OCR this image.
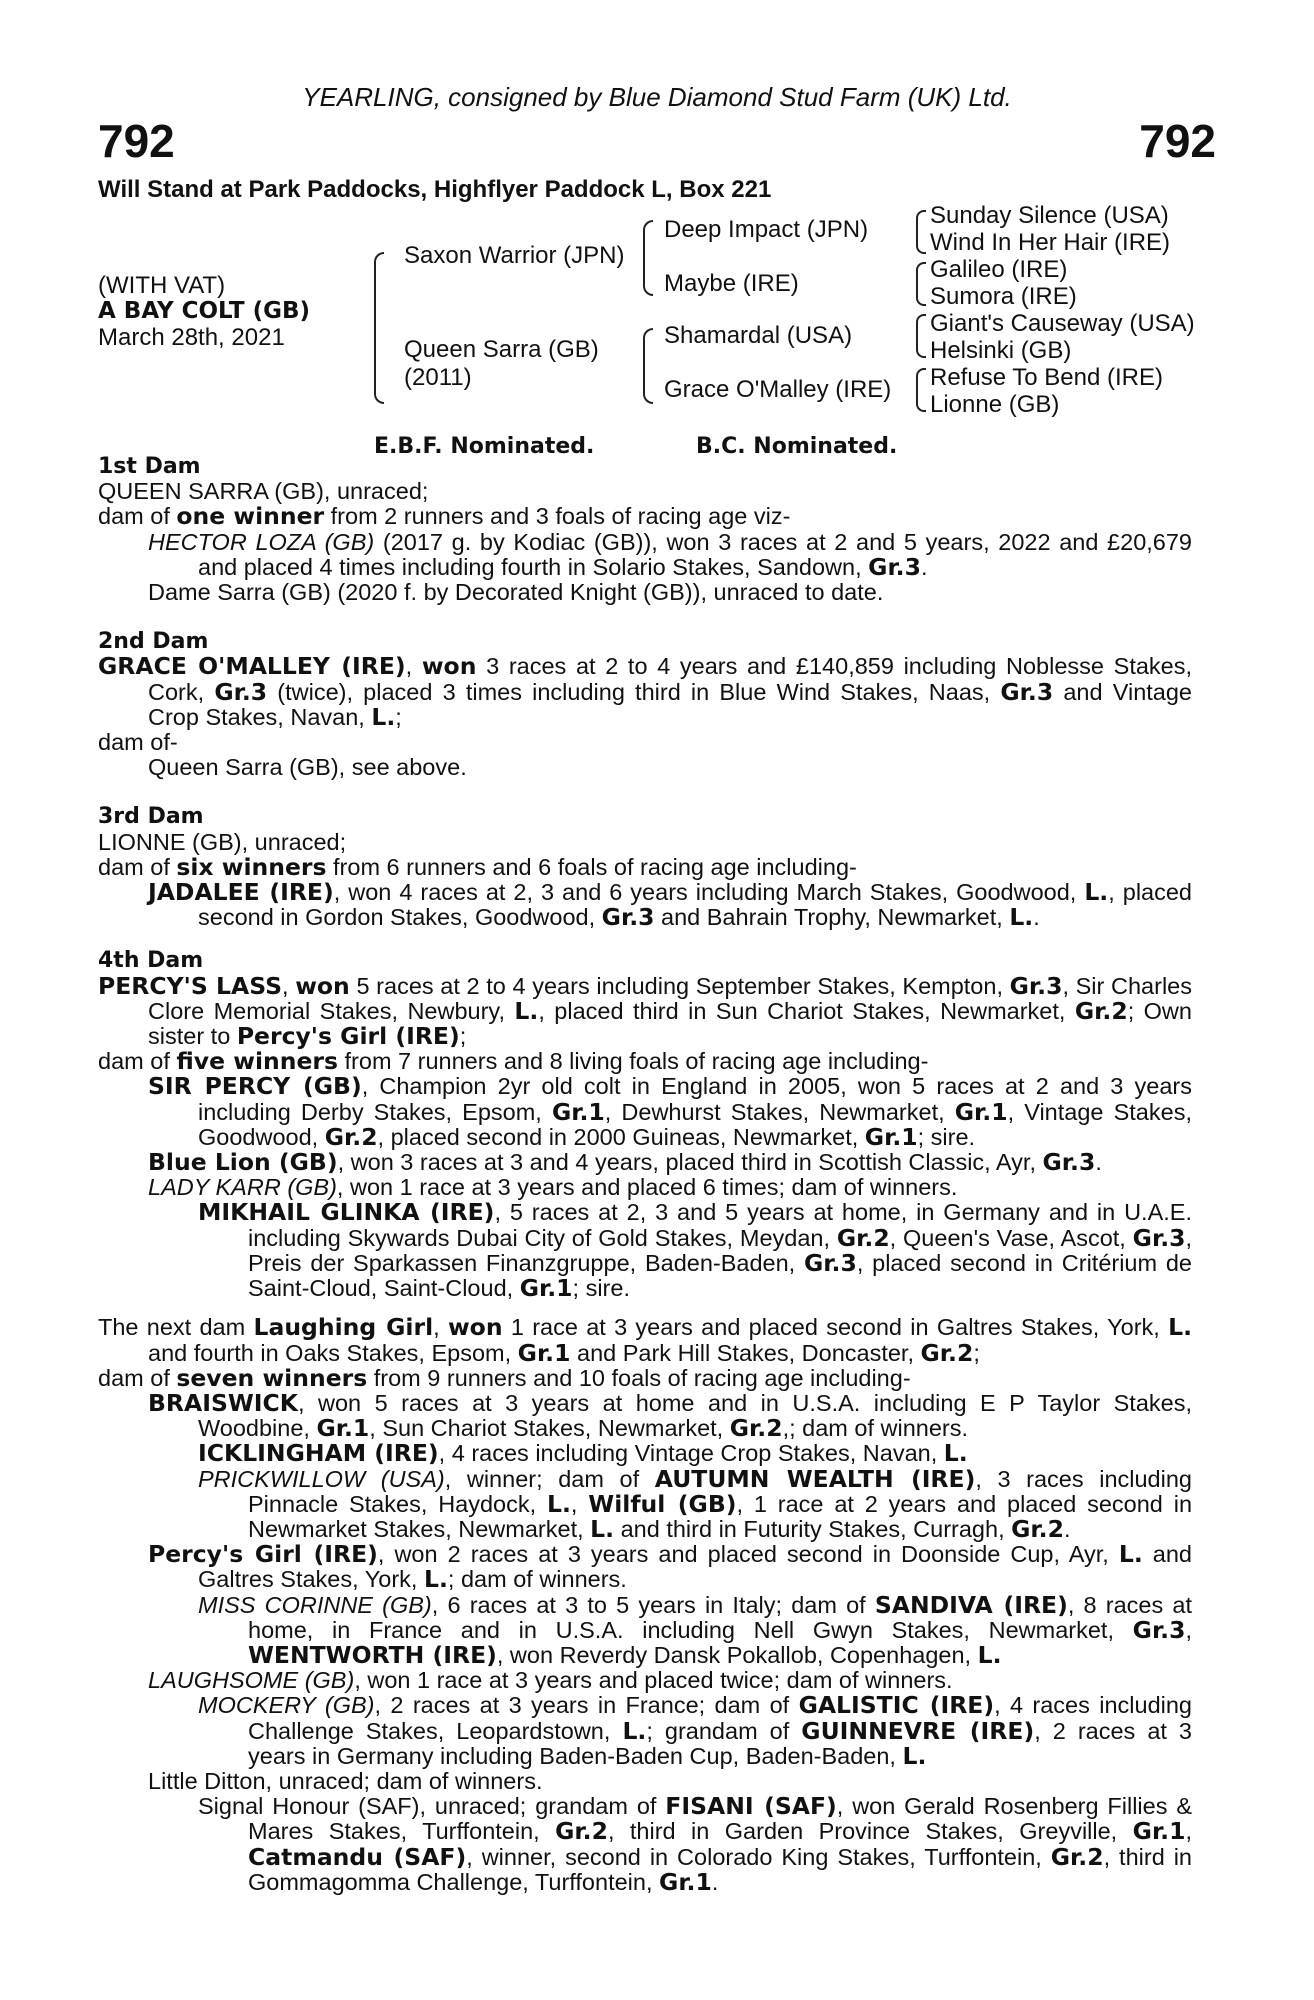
YEARLING, consigned by Blue Diamond Stud Farm (UK) Ltd.
792	792
Will Stand at Park Paddocks, Highflyer Paddock L, Box 221
(WITH VAT)
A BAY COLT (GB)
March 28th, 2021
Saxon Warrior (JPN)
Queen Sarra (GB)
(2011)
Deep Impact (JPN)
Maybe (IRE)
Shamardal (USA)
Grace O'Malley (IRE)
Sunday Silence (USA)
Wind In Her Hair (IRE)
Galileo (IRE)
Sumora (IRE)
Giant's Causeway (USA)
Helsinki (GB)
Refuse To Bend (IRE)
Lionne (GB)
E.B.F. Nominated.	B.C. Nominated.

1st Dam

QUEEN SARRA (GB), unraced;

dam of one winner from 2 runners and 3 foals of racing age viz-

HECTOR LOZA (GB) (2017 g. by Kodiac (GB)), won 3 races at 2 and 5 years, 2022 and £20,679 and placed 4 times including fourth in Solario Stakes, Sandown, Gr.3.

Dame Sarra (GB) (2020 f. by Decorated Knight (GB)), unraced to date.

2nd Dam

GRACE O'MALLEY (IRE), won 3 races at 2 to 4 years and £140,859 including Noblesse Stakes, Cork, Gr.3 (twice), placed 3 times including third in Blue Wind Stakes, Naas, Gr.3 and Vintage Crop Stakes, Navan, L.;

dam of-

Queen Sarra (GB), see above.

3rd Dam

LIONNE (GB), unraced;

dam of six winners from 6 runners and 6 foals of racing age including-

JADALEE (IRE), won 4 races at 2, 3 and 6 years including March Stakes, Goodwood, L., placed second in Gordon Stakes, Goodwood, Gr.3 and Bahrain Trophy, Newmarket, L..

4th Dam

PERCY'S LASS, won 5 races at 2 to 4 years including September Stakes, Kempton, Gr.3, Sir Charles Clore Memorial Stakes, Newbury, L., placed third in Sun Chariot Stakes, Newmarket, Gr.2; Own sister to Percy's Girl (IRE);

dam of five winners from 7 runners and 8 living foals of racing age including-

SIR PERCY (GB), Champion 2yr old colt in England in 2005, won 5 races at 2 and 3 years including Derby Stakes, Epsom, Gr.1, Dewhurst Stakes, Newmarket, Gr.1, Vintage Stakes, Goodwood, Gr.2, placed second in 2000 Guineas, Newmarket, Gr.1; sire.

Blue Lion (GB), won 3 races at 3 and 4 years, placed third in Scottish Classic, Ayr, Gr.3.

LADY KARR (GB), won 1 race at 3 years and placed 6 times; dam of winners.

MIKHAIL GLINKA (IRE), 5 races at 2, 3 and 5 years at home, in Germany and in U.A.E. including Skywards Dubai City of Gold Stakes, Meydan, Gr.2, Queen's Vase, Ascot, Gr.3, Preis der Sparkassen Finanzgruppe, Baden-Baden, Gr.3, placed second in Critérium de Saint-Cloud, Saint-Cloud, Gr.1; sire.

The next dam Laughing Girl, won 1 race at 3 years and placed second in Galtres Stakes, York, L. and fourth in Oaks Stakes, Epsom, Gr.1 and Park Hill Stakes, Doncaster, Gr.2;

dam of seven winners from 9 runners and 10 foals of racing age including-

BRAISWICK, won 5 races at 3 years at home and in U.S.A. including E P Taylor Stakes, Woodbine, Gr.1, Sun Chariot Stakes, Newmarket, Gr.2,; dam of winners.

ICKLINGHAM (IRE), 4 races including Vintage Crop Stakes, Navan, L.

PRICKWILLOW (USA), winner; dam of AUTUMN WEALTH (IRE), 3 races including Pinnacle Stakes, Haydock, L., Wilful (GB), 1 race at 2 years and placed second in Newmarket Stakes, Newmarket, L. and third in Futurity Stakes, Curragh, Gr.2.

Percy's Girl (IRE), won 2 races at 3 years and placed second in Doonside Cup, Ayr, L. and Galtres Stakes, York, L.; dam of winners.

MISS CORINNE (GB), 6 races at 3 to 5 years in Italy; dam of SANDIVA (IRE), 8 races at home, in France and in U.S.A. including Nell Gwyn Stakes, Newmarket, Gr.3, WENTWORTH (IRE), won Reverdy Dansk Pokallob, Copenhagen, L.

LAUGHSOME (GB), won 1 race at 3 years and placed twice; dam of winners.

MOCKERY (GB), 2 races at 3 years in France; dam of GALISTIC (IRE), 4 races including Challenge Stakes, Leopardstown, L.; grandam of GUINNEVRE (IRE), 2 races at 3 years in Germany including Baden-Baden Cup, Baden-Baden, L.

Little Ditton, unraced; dam of winners.

Signal Honour (SAF), unraced; grandam of FISANI (SAF), won Gerald Rosenberg Fillies & Mares Stakes, Turffontein, Gr.2, third in Garden Province Stakes, Greyville, Gr.1, Catmandu (SAF), winner, second in Colorado King Stakes, Turffontein, Gr.2, third in Gommagomma Challenge, Turffontein, Gr.1.
